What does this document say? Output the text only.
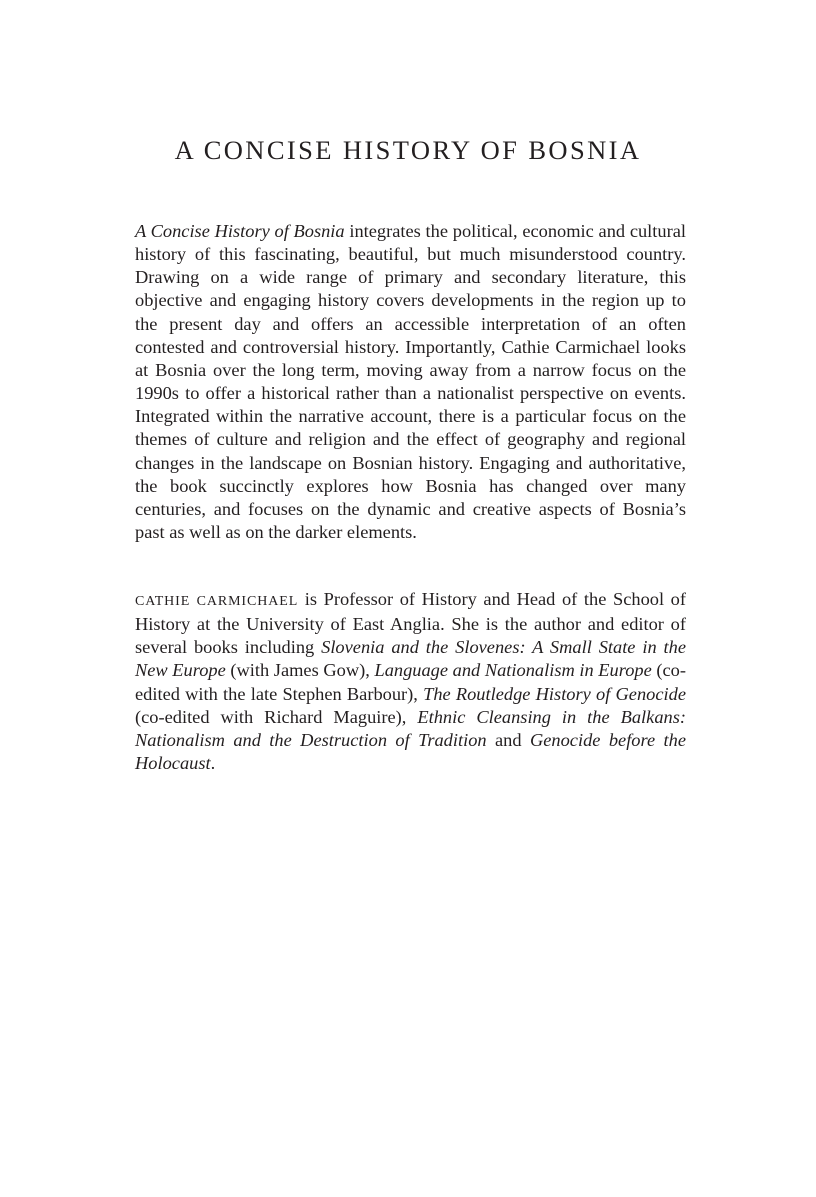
A CONCISE HISTORY OF BOSNIA

A Concise History of Bosnia integrates the political, economic and cultural history of this fascinating, beautiful, but much misunderstood country. Drawing on a wide range of primary and secondary literature, this objective and engaging history covers developments in the region up to the present day and offers an accessible interpretation of an often contested and controversial history. Importantly, Cathie Carmichael looks at Bosnia over the long term, moving away from a narrow focus on the 1990s to offer a historical rather than a nationalist perspective on events. Integrated within the narrative account, there is a particular focus on the themes of culture and religion and the effect of geography and regional changes in the landscape on Bosnian history. Engaging and authoritative, the book succinctly explores how Bosnia has changed over many centuries, and focuses on the dynamic and creative aspects of Bosnia’s past as well as on the darker elements.

CATHIE CARMICHAEL is Professor of History and Head of the School of History at the University of East Anglia. She is the author and editor of several books including Slovenia and the Slovenes: A Small State in the New Europe (with James Gow), Language and Nationalism in Europe (co-edited with the late Stephen Barbour), The Routledge History of Genocide (co-edited with Richard Maguire), Ethnic Cleansing in the Balkans: Nationalism and the Destruction of Tradition and Genocide before the Holocaust.
